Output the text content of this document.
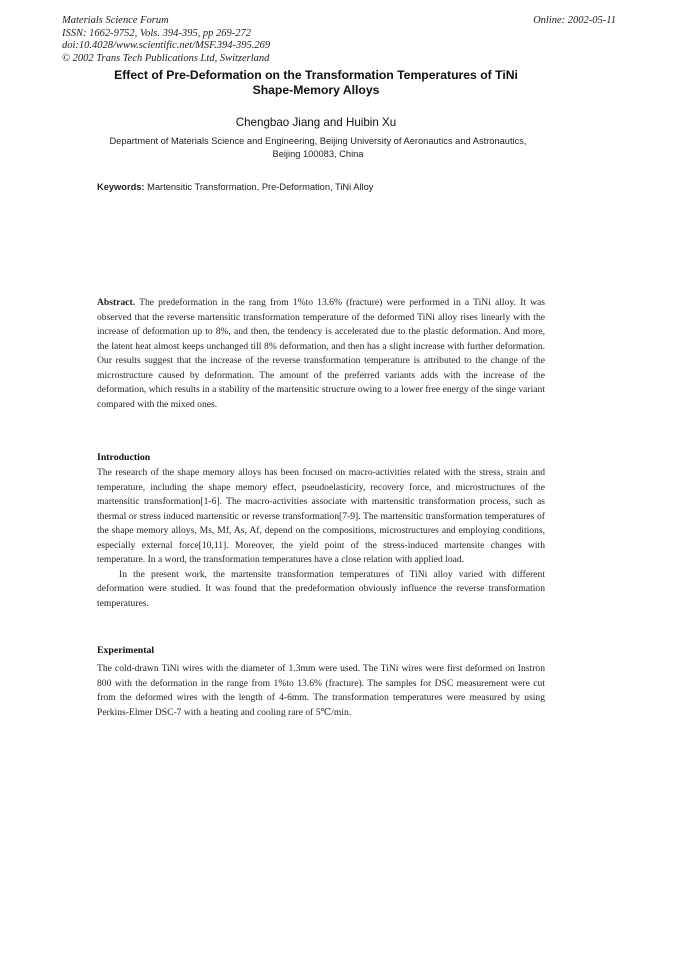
Materials Science Forum
ISSN: 1662-9752, Vols. 394-395, pp 269-272
doi:10.4028/www.scientific.net/MSF.394-395.269
© 2002 Trans Tech Publications Ltd, Switzerland
Online: 2002-05-11
Effect of Pre-Deformation on the Transformation Temperatures of TiNi Shape-Memory Alloys
Chengbao Jiang and Huibin Xu
Department of Materials Science and Engineering, Beijing University of Aeronautics and Astronautics, Beijing 100083, China
Keywords: Martensitic Transformation, Pre-Deformation, TiNi Alloy

Abstract. The predeformation in the rang from 1%to 13.6% (fracture) were performed in a TiNi alloy. It was observed that the reverse martensitic transformation temperature of the deformed TiNi alloy rises linearly with the increase of deformation up to 8%, and then, the tendency is accelerated due to the plastic deformation. And more, the latent heat almost keeps unchanged till 8% deformation, and then has a slight increase with further deformation. Our results suggest that the increase of the reverse transformation temperature is attributed to the change of the microstructure caused by deformation. The amount of the preferred variants adds with the increase of the deformation, which results in a stability of the martensitic structure owing to a lower free energy of the singe variant compared with the mixed ones.

Introduction

The research of the shape memory alloys has been focused on macro-activities related with the stress, strain and temperature, including the shape memory effect, pseudoelasticity, recovery force, and microstructures of the martensitic transformation[1-6]. The macro-activities associate with martensitic transformation process, such as thermal or stress induced martensitic or reverse transformation[7-9]. The martensitic transformation temperatures of the shape memory alloys, Ms, Mf, As, Af, depend on the compositions, microstructures and employing conditions, especially external force[10,11]. Moreover, the yield point of the stress-induced martensite changes with temperature. In a word, the transformation temperatures have a close relation with applied load.

In the present work, the martensite transformation temperatures of TiNi alloy varied with different deformation were studied. It was found that the predeformation obviously influence the reverse transformation temperatures.

Experimental

The cold-drawn TiNi wires with the diameter of 1.3mm were used. The TiNi wires were first deformed on Instron 800 with the deformation in the range from 1%to 13.6% (fracture). The samples for DSC measurement were cut from the deformed wires with the length of 4-6mm. The transformation temperatures were measured by using Perkins-Elmer DSC-7 with a heating and cooling rare of 5℃/min.
